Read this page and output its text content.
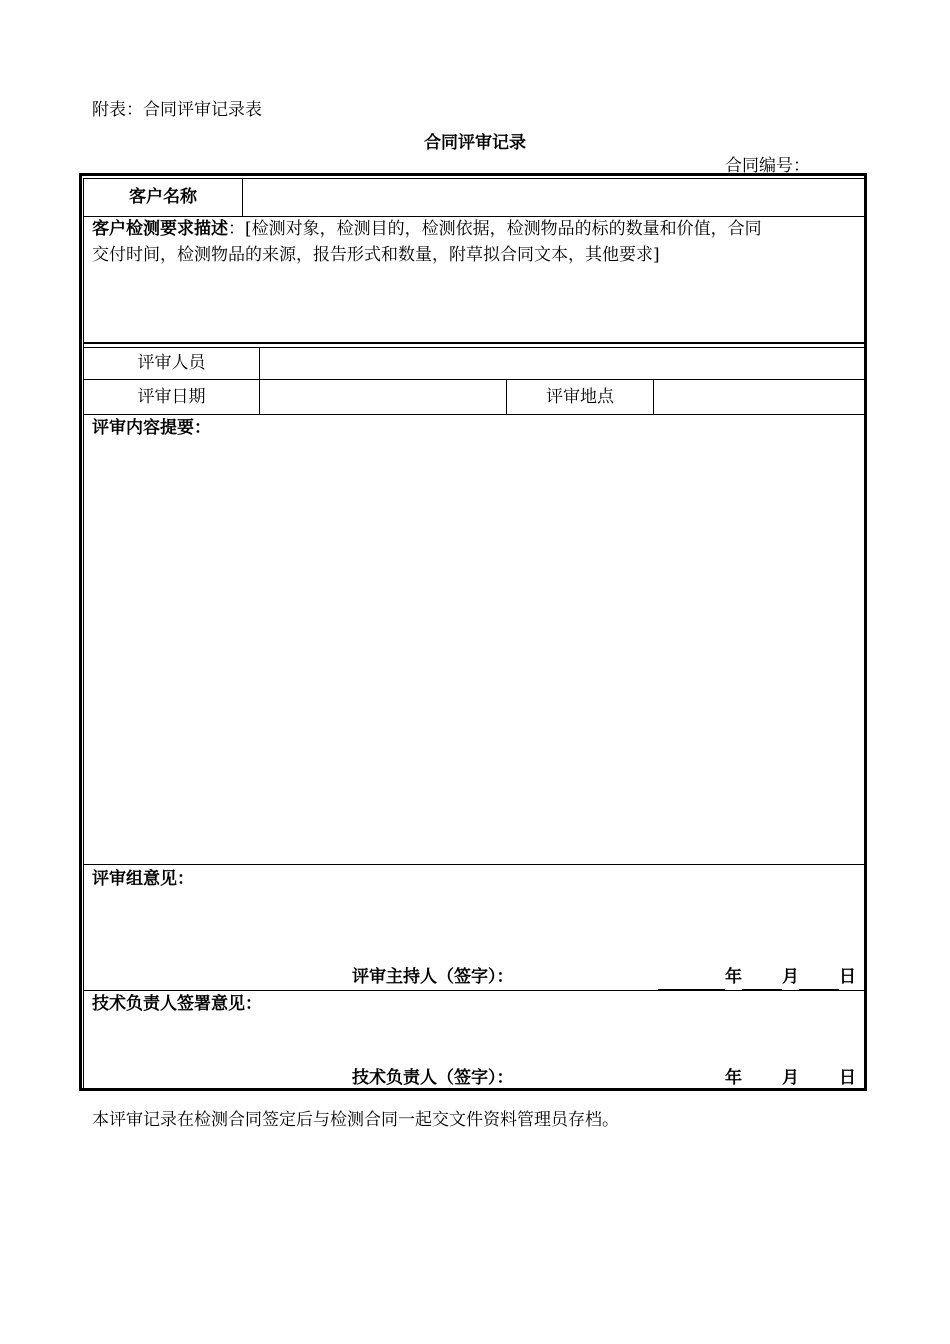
附表：合同评审记录表
合同评审记录
合同编号：
客户名称
客户检测要求描述：[检测对象，检测目的，检测依据，检测物品的标的数量和价值，合同
交付时间，检测物品的来源，报告形式和数量，附草拟合同文本，其他要求]
评审人员
评审日期	评审地点
评审内容提要：
评审组意见：
评审主持人（签字）：	年 月 日
技术负责人签署意见：
技术负责人（签字）：	年 月 日
本评审记录在检测合同签定后与检测合同一起交文件资料管理员存档。
